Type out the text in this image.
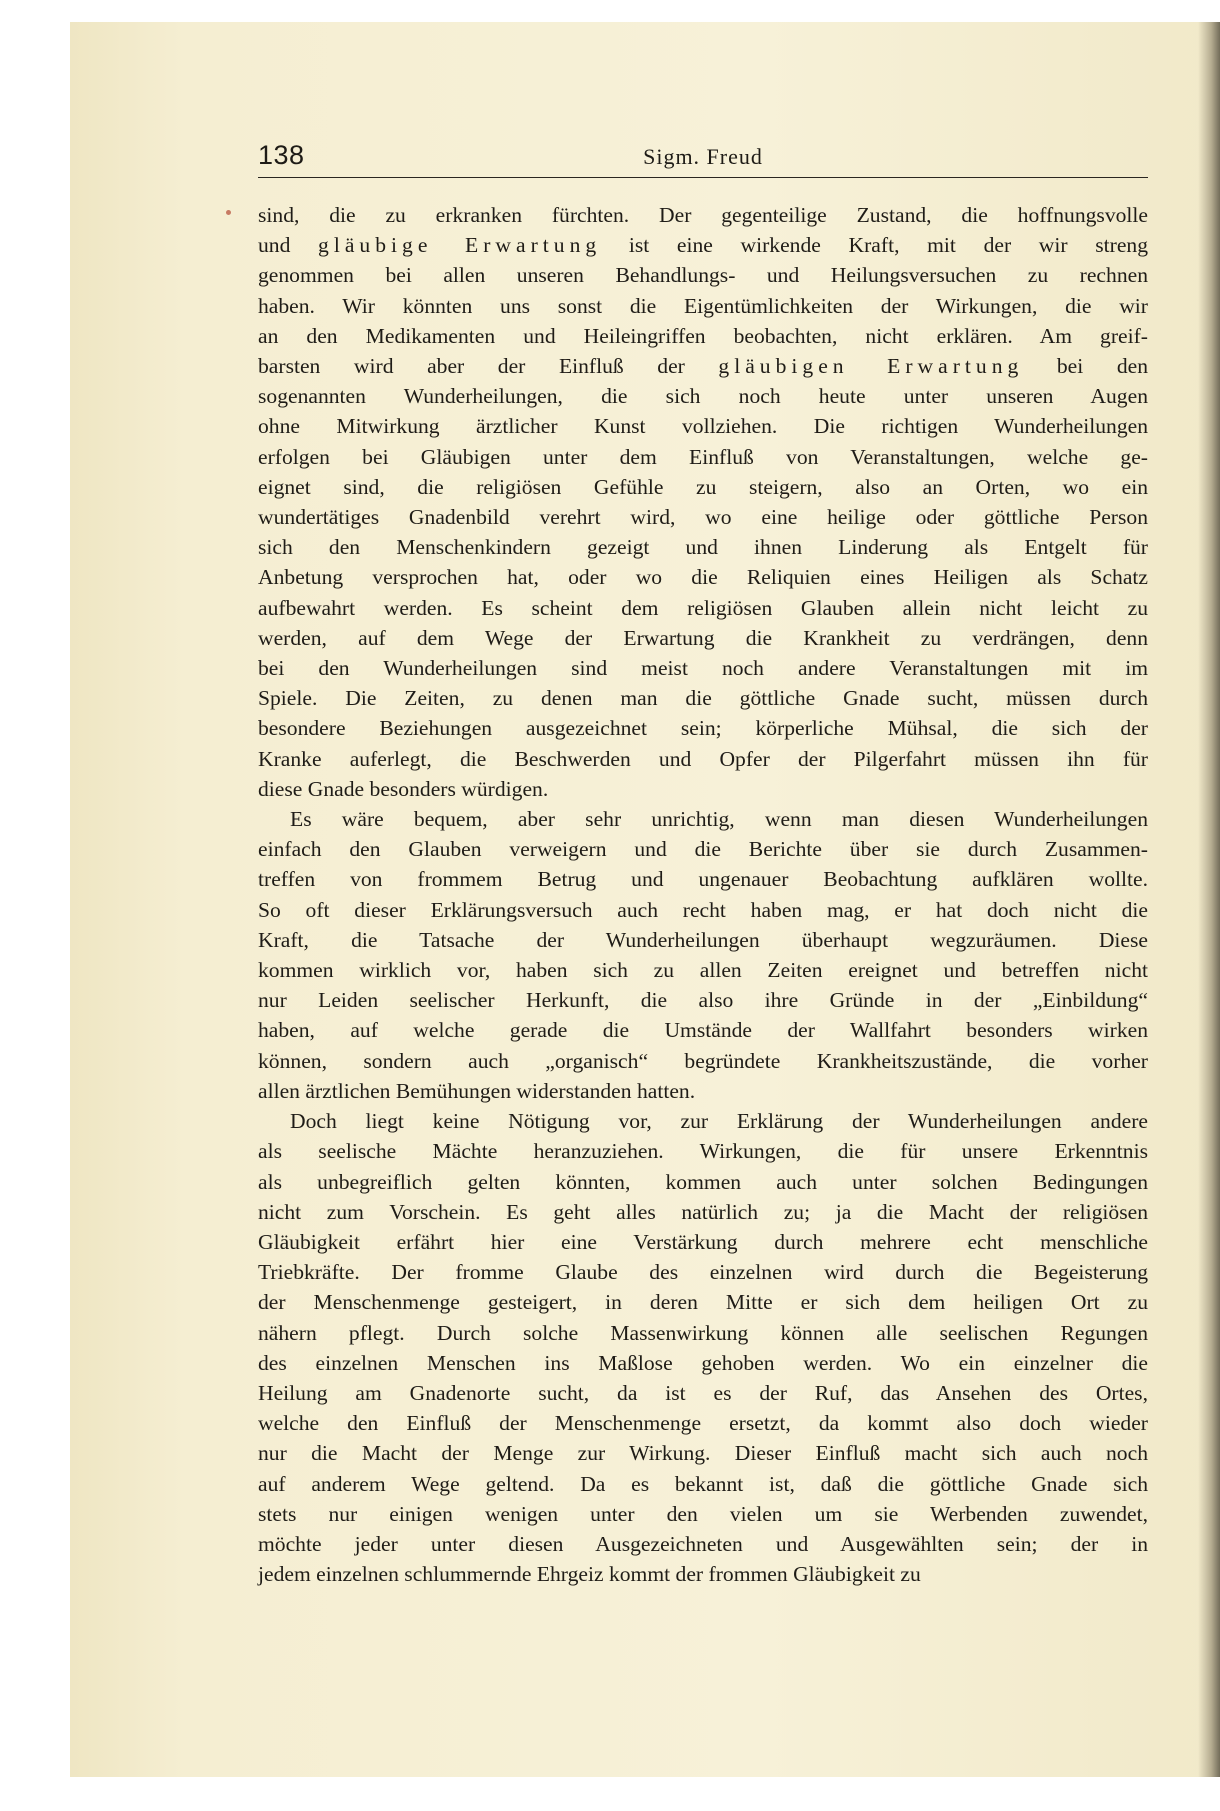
138	Sigm. Freud

sind, die zu erkranken fürchten. Der gegenteilige Zustand, die hoffnungsvolle
und gläubige Erwartung ist eine wirkende Kraft, mit der wir streng
genommen bei allen unseren Behandlungs- und Heilungsversuchen zu rechnen
haben. Wir könnten uns sonst die Eigentümlichkeiten der Wirkungen, die wir
an den Medikamenten und Heileingriffen beobachten, nicht erklären. Am greif-
barsten wird aber der Einfluß der gläubigen Erwartung bei den
sogenannten Wunderheilungen, die sich noch heute unter unseren Augen
ohne Mitwirkung ärztlicher Kunst vollziehen. Die richtigen Wunderheilungen
erfolgen bei Gläubigen unter dem Einfluß von Veranstaltungen, welche ge-
eignet sind, die religiösen Gefühle zu steigern, also an Orten, wo ein
wundertätiges Gnadenbild verehrt wird, wo eine heilige oder göttliche Person
sich den Menschenkindern gezeigt und ihnen Linderung als Entgelt für
Anbetung versprochen hat, oder wo die Reliquien eines Heiligen als Schatz
aufbewahrt werden. Es scheint dem religiösen Glauben allein nicht leicht zu
werden, auf dem Wege der Erwartung die Krankheit zu verdrängen, denn
bei den Wunderheilungen sind meist noch andere Veranstaltungen mit im
Spiele. Die Zeiten, zu denen man die göttliche Gnade sucht, müssen durch
besondere Beziehungen ausgezeichnet sein; körperliche Mühsal, die sich der
Kranke auferlegt, die Beschwerden und Opfer der Pilgerfahrt müssen ihn für
diese Gnade besonders würdigen.

Es wäre bequem, aber sehr unrichtig, wenn man diesen Wunderheilungen
einfach den Glauben verweigern und die Berichte über sie durch Zusammen-
treffen von frommem Betrug und ungenauer Beobachtung aufklären wollte.
So oft dieser Erklärungsversuch auch recht haben mag, er hat doch nicht die
Kraft, die Tatsache der Wunderheilungen überhaupt wegzuräumen. Diese
kommen wirklich vor, haben sich zu allen Zeiten ereignet und betreffen nicht
nur Leiden seelischer Herkunft, die also ihre Gründe in der „Einbildung“
haben, auf welche gerade die Umstände der Wallfahrt besonders wirken
können, sondern auch „organisch“ begründete Krankheitszustände, die vorher
allen ärztlichen Bemühungen widerstanden hatten.

Doch liegt keine Nötigung vor, zur Erklärung der Wunderheilungen andere
als seelische Mächte heranzuziehen. Wirkungen, die für unsere Erkenntnis
als unbegreiflich gelten könnten, kommen auch unter solchen Bedingungen
nicht zum Vorschein. Es geht alles natürlich zu; ja die Macht der religiösen
Gläubigkeit erfährt hier eine Verstärkung durch mehrere echt menschliche
Triebkräfte. Der fromme Glaube des einzelnen wird durch die Begeisterung
der Menschenmenge gesteigert, in deren Mitte er sich dem heiligen Ort zu
nähern pflegt. Durch solche Massenwirkung können alle seelischen Regungen
des einzelnen Menschen ins Maßlose gehoben werden. Wo ein einzelner die
Heilung am Gnadenorte sucht, da ist es der Ruf, das Ansehen des Ortes,
welche den Einfluß der Menschenmenge ersetzt, da kommt also doch wieder
nur die Macht der Menge zur Wirkung. Dieser Einfluß macht sich auch noch
auf anderem Wege geltend. Da es bekannt ist, daß die göttliche Gnade sich
stets nur einigen wenigen unter den vielen um sie Werbenden zuwendet,
möchte jeder unter diesen Ausgezeichneten und Ausgewählten sein; der in
jedem einzelnen schlummernde Ehrgeiz kommt der frommen Gläubigkeit zu
